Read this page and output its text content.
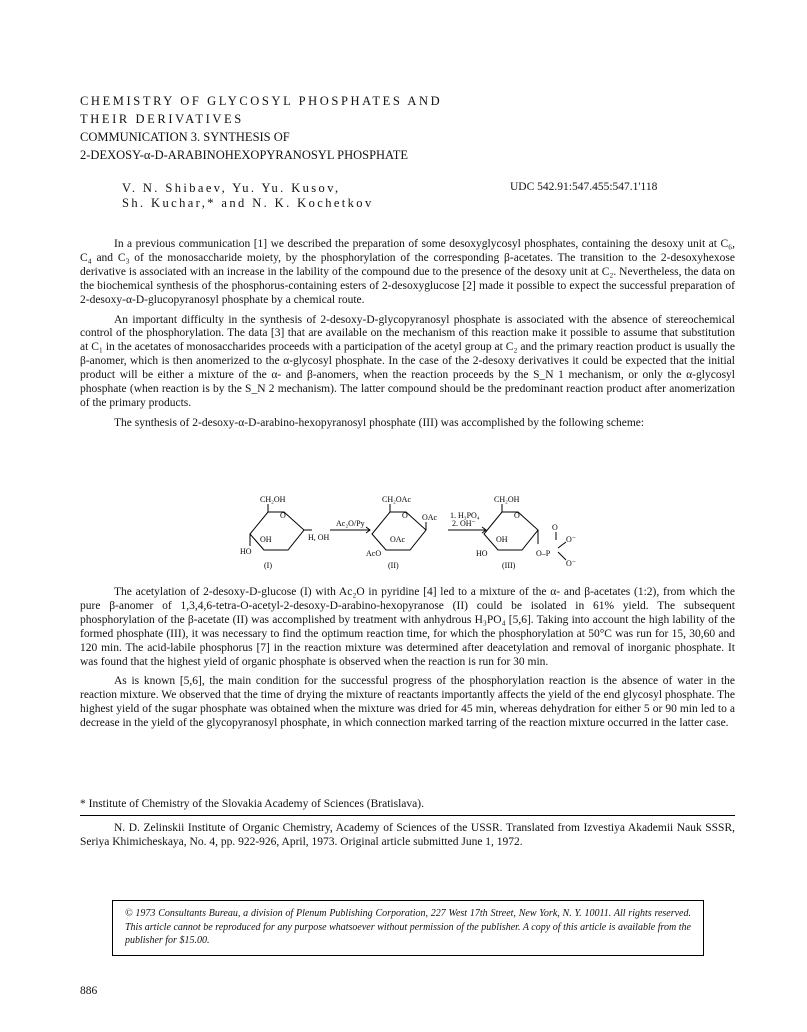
CHEMISTRY OF GLYCOSYL PHOSPHATES AND
THEIR DERIVATIVES
COMMUNICATION 3. SYNTHESIS OF
2-DEXOSY-α-D-ARABINOHEXOPYRANOSYL PHOSPHATE
V. N. Shibaev, Yu. Yu. Kusov,
Sh. Kuchar,* and N. K. Kochetkov
UDC 542.91:547.455:547.1'118

In a previous communication [1] we described the preparation of some desoxyglycosyl phosphates, containing the desoxy unit at C₆, C₄ and C₃ of the monosaccharide moiety, by the phosphorylation of the corresponding β-acetates. The transition to the 2-desoxyhexose derivative is associated with an increase in the lability of the compound due to the presence of the desoxy unit at C₂. Nevertheless, the data on the biochemical synthesis of the phosphorus-containing esters of 2-desoxyglucose [2] made it possible to expect the successful preparation of 2-desoxy-α-D-glucopyranosyl phosphate by a chemical route.

An important difficulty in the synthesis of 2-desoxy-D-glycopyranosyl phosphate is associated with the absence of stereochemical control of the phosphorylation. The data [3] that are available on the mechanism of this reaction make it possible to assume that substitution at C₁ in the acetates of monosaccharides proceeds with a participation of the acetyl group at C₂ and the primary reaction product is usually the β-anomer, which is then anomerized to the α-glycosyl phosphate. In the case of the 2-desoxy derivatives it could be expected that the initial product will be either a mixture of the α- and β-anomers, when the reaction proceeds by the S_N 1 mechanism, or only the α-glycosyl phosphate (when reaction is by the S_N 2 mechanism). The latter compound should be the predominant reaction product after anomerization of the primary products.

The synthesis of 2-desoxy-α-D-arabino-hexopyranosyl phosphate (III) was accomplished by the following scheme:

CH₂OH
O
OH
HO
H, OH
(I)
Ac₂O/Py
CH₂OAc
O OAc
OAc
AcO
(II)
1. H₃PO₄
2. OH⁻
CH₂OH
O
OH
HO	O–P
O
O⁻
O⁻
(III)

The acetylation of 2-desoxy-D-glucose (I) with Ac₂O in pyridine [4] led to a mixture of the α- and β-acetates (1:2), from which the pure β-anomer of 1,3,4,6-tetra-O-acetyl-2-desoxy-D-arabino-hexopyranose (II) could be isolated in 61% yield. The subsequent phosphorylation of the β-acetate (II) was accomplished by treatment with anhydrous H₃PO₄ [5,6]. Taking into account the high lability of the formed phosphate (III), it was necessary to find the optimum reaction time, for which the phosphorylation at 50°C was run for 15, 30,60 and 120 min. The acid-labile phosphorus [7] in the reaction mixture was determined after deacetylation and removal of inorganic phosphate. It was found that the highest yield of organic phosphate is observed when the reaction is run for 30 min.

As is known [5,6], the main condition for the successful progress of the phosphorylation reaction is the absence of water in the reaction mixture. We observed that the time of drying the mixture of reactants importantly affects the yield of the end glycosyl phosphate. The highest yield of the sugar phosphate was obtained when the mixture was dried for 45 min, whereas dehydration for either 5 or 90 min led to a decrease in the yield of the glycopyranosyl phosphate, in which connection marked tarring of the reaction mixture occurred in the latter case.

* Institute of Chemistry of the Slovakia Academy of Sciences (Bratislava).
N. D. Zelinskii Institute of Organic Chemistry, Academy of Sciences of the USSR. Translated from Izvestiya Akademii Nauk SSSR, Seriya Khimicheskaya, No. 4, pp. 922-926, April, 1973. Original article submitted June 1, 1972.
© 1973 Consultants Bureau, a division of Plenum Publishing Corporation, 227 West 17th Street, New York, N. Y. 10011. All rights reserved. This article cannot be reproduced for any purpose whatsoever without permission of the publisher. A copy of this article is available from the publisher for $15.00.
886
